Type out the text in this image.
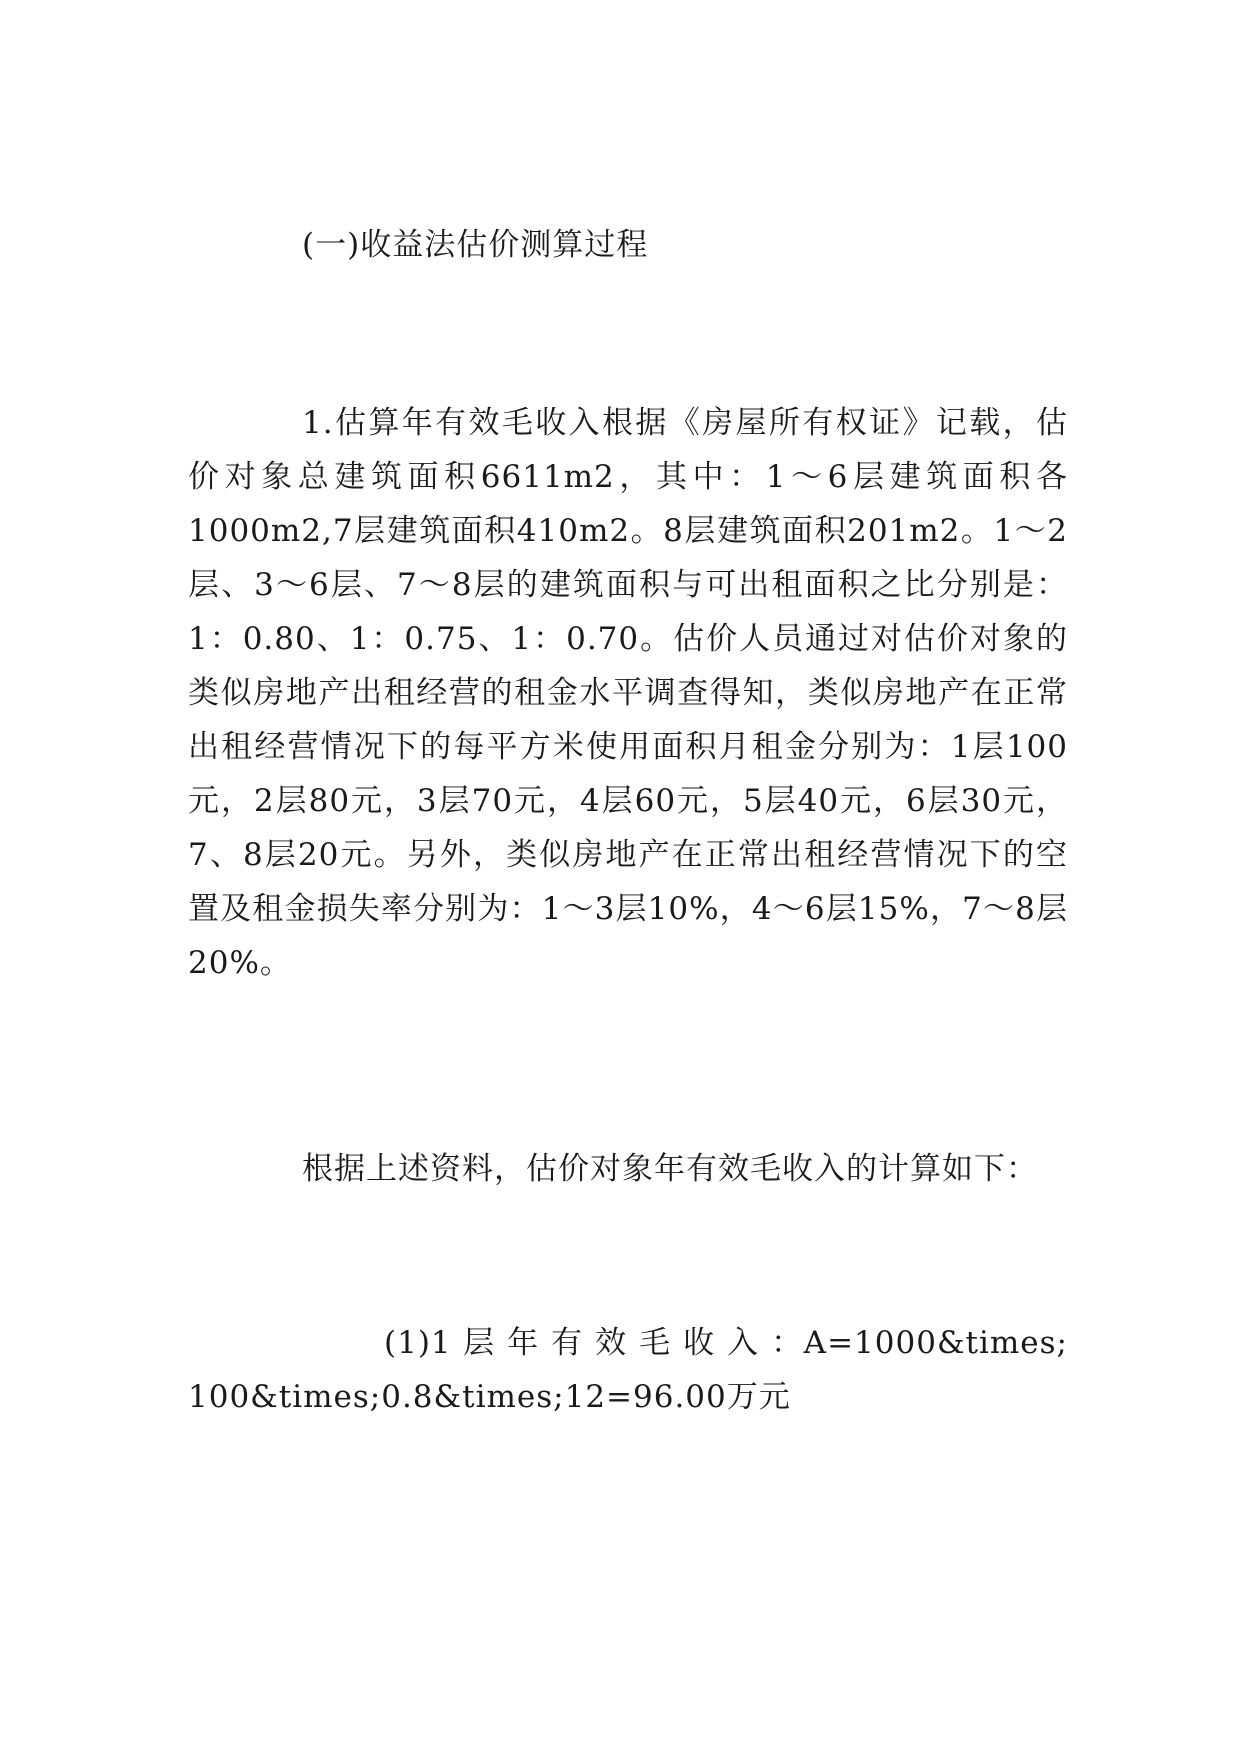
(一)收益法估价测算过程

1.估算年有效毛收入根据《房屋所有权证》记载，估价对象总建筑面积6611m2，其中：1～6层建筑面积各1000m2,7层建筑面积410m2。8层建筑面积201m2。1～2层、3～6层、7～8层的建筑面积与可出租面积之比分别是：1：0.80、1：0.75、1：0.70。估价人员通过对估价对象的类似房地产出租经营的租金水平调查得知，类似房地产在正常出租经营情况下的每平方米使用面积月租金分别为：1层100元，2层80元，3层70元，4层60元，5层40元，6层30元，7、8层20元。另外，类似房地产在正常出租经营情况下的空置及租金损失率分别为：1～3层10%，4～6层15%，7～8层20%。

根据上述资料，估价对象年有效毛收入的计算如下：

(1)1 层 年 有 效 毛 收 入 ：A=1000&times;100&times;0.8&times;12=96.00万元
